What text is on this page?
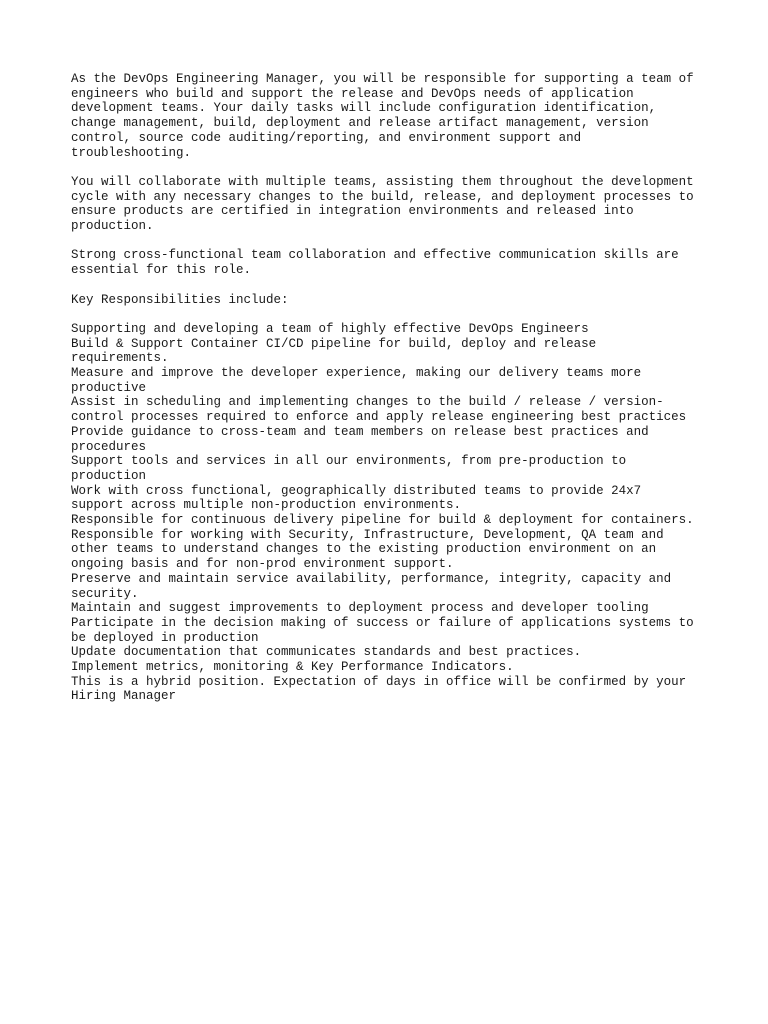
As the DevOps Engineering Manager, you will be responsible for supporting a team of
engineers who build and support the release and DevOps needs of application
development teams. Your daily tasks will include configuration identification,
change management, build, deployment and release artifact management, version
control, source code auditing/reporting, and environment support and
troubleshooting.

You will collaborate with multiple teams, assisting them throughout the development
cycle with any necessary changes to the build, release, and deployment processes to
ensure products are certified in integration environments and released into
production.

Strong cross-functional team collaboration and effective communication skills are
essential for this role.

Key Responsibilities include:

Supporting and developing a team of highly effective DevOps Engineers
Build & Support Container CI/CD pipeline for build, deploy and release
requirements.
Measure and improve the developer experience, making our delivery teams more
productive
Assist in scheduling and implementing changes to the build / release / version-
control processes required to enforce and apply release engineering best practices
Provide guidance to cross-team and team members on release best practices and
procedures
Support tools and services in all our environments, from pre-production to
production
Work with cross functional, geographically distributed teams to provide 24x7
support across multiple non-production environments.
Responsible for continuous delivery pipeline for build & deployment for containers.
Responsible for working with Security, Infrastructure, Development, QA team and
other teams to understand changes to the existing production environment on an
ongoing basis and for non-prod environment support.
Preserve and maintain service availability, performance, integrity, capacity and
security.
Maintain and suggest improvements to deployment process and developer tooling
Participate in the decision making of success or failure of applications systems to
be deployed in production
Update documentation that communicates standards and best practices.
Implement metrics, monitoring & Key Performance Indicators.
This is a hybrid position. Expectation of days in office will be confirmed by your
Hiring Manager
